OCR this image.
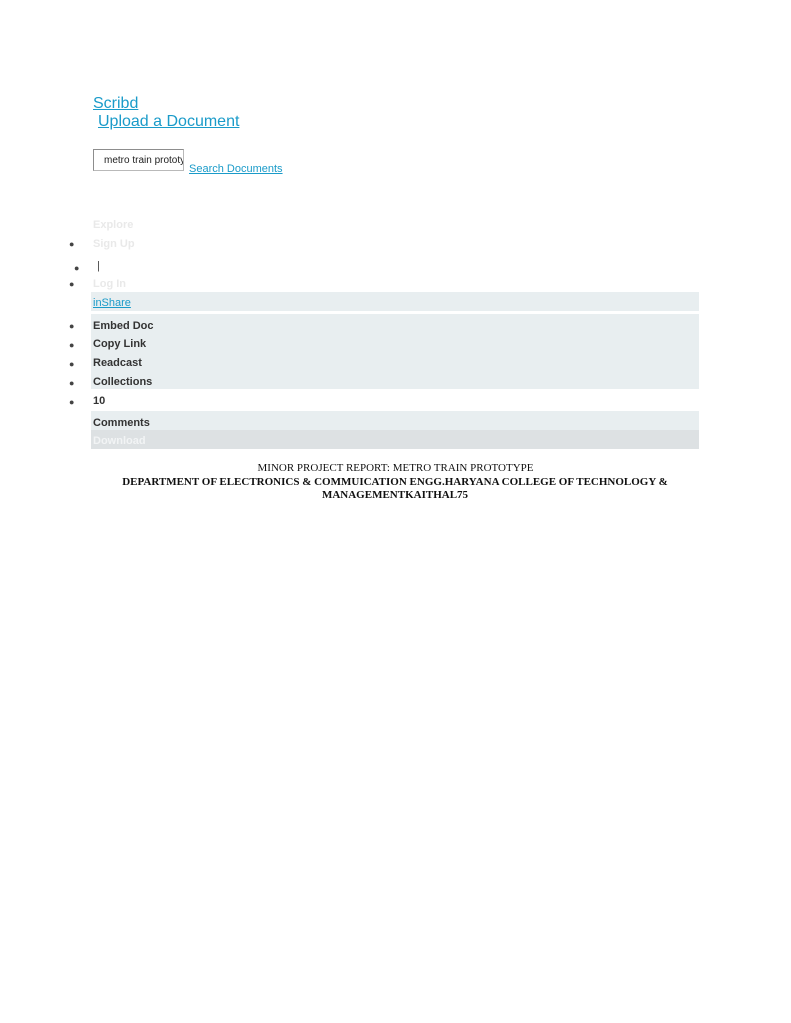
Scribd
Upload a Document
metro train prototype
Search Documents
Explore
● Sign Up
● |
● Log In
inShare
● Embed Doc
● Copy Link
● Readcast
● Collections
● 10
Comments
Download
MINOR PROJECT REPORT: METRO TRAIN PROTOTYPE
DEPARTMENT OF ELECTRONICS & COMMUICATION ENGG.HARYANA COLLEGE OF TECHNOLOGY & MANAGEMENTKAITHAL75
